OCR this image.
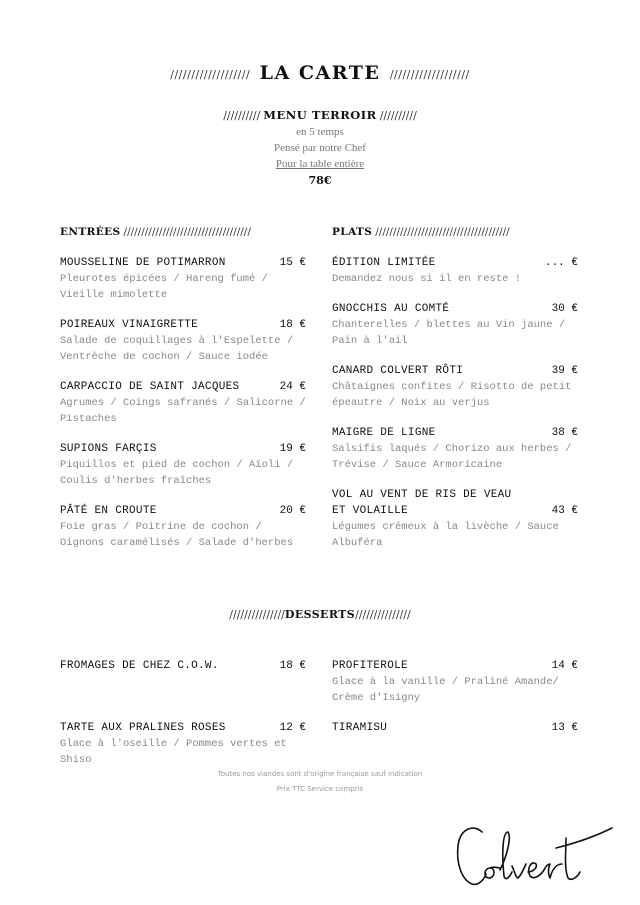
/////////////////// LA CARTE ///////////////////
////////// MENU TERROIR //////////
en 5 temps
Pensé par notre Chef
Pour la table entière
78€
ENTRÉES ////////////////////////////////////	PLATS //////////////////////////////////////
MOUSSELINE DE POTIMARRON	15 €
Pleurotes épicées / Hareng fumé / Vieille mimolette
POIREAUX VINAIGRETTE	18 €
Salade de coquillages à l'Espelette / Ventrèche de cochon / Sauce iodée
CARPACCIO DE SAINT JACQUES	24 €
Agrumes / Coings safranés / Salicorne / Pistaches
SUPIONS FARÇIS	19 €
Piquillos et pied de cochon / Aïoli / Coulis d'herbes fraîches
PÂTÉ EN CROUTE	20 €
Foie gras / Poitrine de cochon / Oignons caramélisés / Salade d'herbes
ÉDITION LIMITÉE	... €
Demandez nous si il en reste !
GNOCCHIS AU COMTÉ	30 €
Chanterelles / blettes au Vin jaune / Pain à l'ail
CANARD COLVERT RÔTI	39 €
Châtaignes confites / Risotto de petit épeautre / Noix au verjus
MAIGRE DE LIGNE	38 €
Salsifis laqués / Chorizo aux herbes / Trévise / Sauce Armoricaine
VOL AU VENT DE RIS DE VEAU ET VOLAILLE	43 €
Légumes crémeux à la livèche / Sauce Albuféra
///////////////DESSERTS///////////////
FROMAGES DE CHEZ C.O.W.	18 €
TARTE AUX PRALINES ROSES	12 €
Glace à l'oseille / Pommes vertes et Shiso
PROFITEROLE	14 €
Glace à la vanille / Praliné Amande/ Crème d'Isigny
TIRAMISU	13 €
Toutes nos viandes sont d'origine française sauf indication
Prix TTC Service compris
